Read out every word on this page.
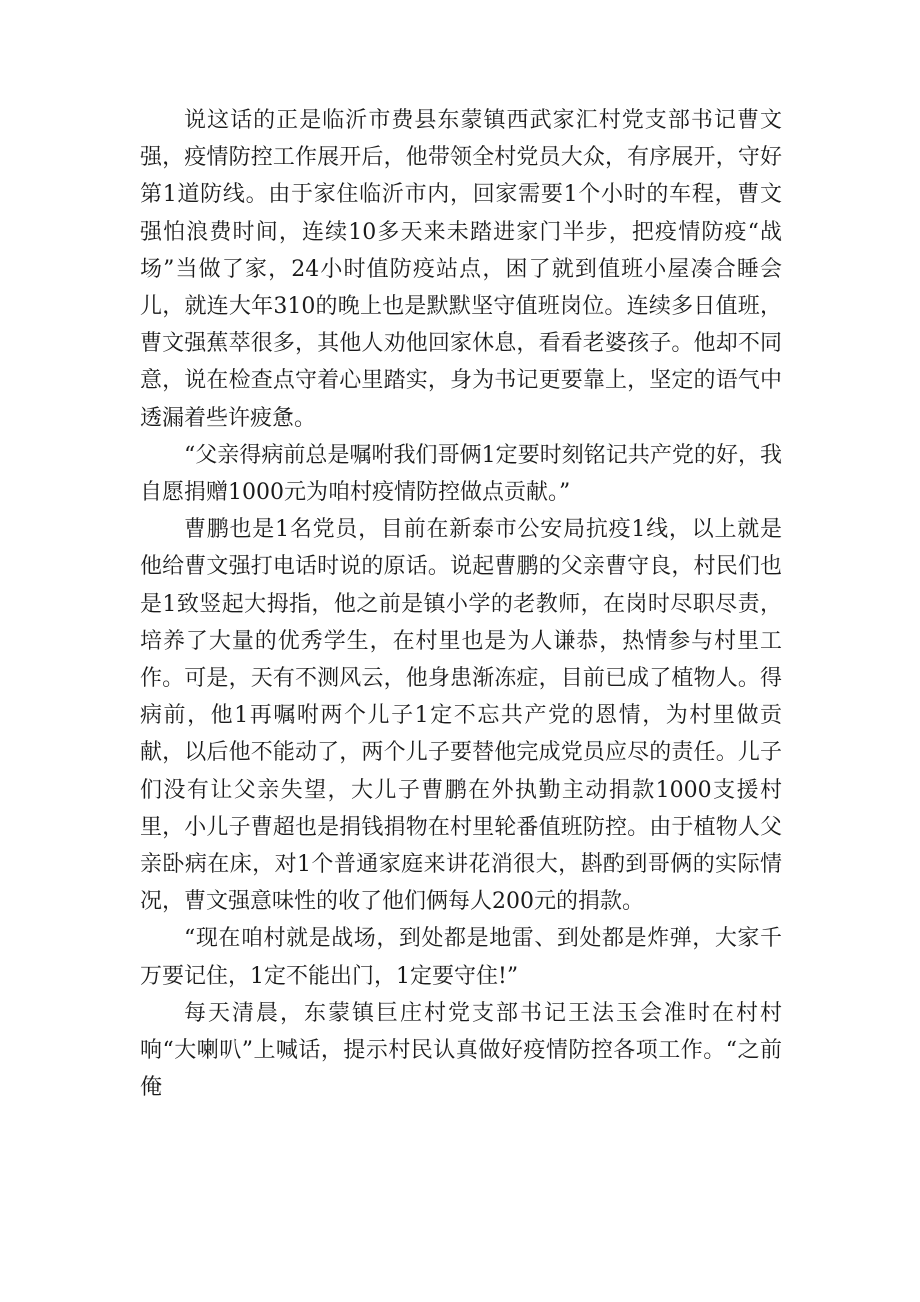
说这话的正是临沂市费县东蒙镇西武家汇村党支部书记曹文强，疫情防控工作展开后，他带领全村党员大众，有序展开，守好第1道防线。由于家住临沂市内，回家需要1个小时的车程，曹文强怕浪费时间，连续10多天来未踏进家门半步，把疫情防疫“战场”当做了家，24小时值防疫站点，困了就到值班小屋凑合睡会儿，就连大年310的晚上也是默默坚守值班岗位。连续多日值班，曹文强蕉萃很多，其他人劝他回家休息，看看老婆孩子。他却不同意，说在检查点守着心里踏实，身为书记更要靠上，坚定的语气中透漏着些许疲惫。

“父亲得病前总是嘱咐我们哥俩1定要时刻铭记共产党的好，我自愿捐赠1000元为咱村疫情防控做点贡献。”

曹鹏也是1名党员，目前在新泰市公安局抗疫1线，以上就是他给曹文强打电话时说的原话。说起曹鹏的父亲曹守良，村民们也是1致竖起大拇指，他之前是镇小学的老教师，在岗时尽职尽责，培养了大量的优秀学生，在村里也是为人谦恭，热情参与村里工作。可是，天有不测风云，他身患渐冻症，目前已成了植物人。得病前，他1再嘱咐两个儿子1定不忘共产党的恩情，为村里做贡献，以后他不能动了，两个儿子要替他完成党员应尽的责任。儿子们没有让父亲失望，大儿子曹鹏在外执勤主动捐款1000支援村里，小儿子曹超也是捐钱捐物在村里轮番值班防控。由于植物人父亲卧病在床，对1个普通家庭来讲花消很大，斟酌到哥俩的实际情况，曹文强意味性的收了他们俩每人200元的捐款。

“现在咱村就是战场，到处都是地雷、到处都是炸弹，大家千万要记住，1定不能出门，1定要守住!”

每天清晨，东蒙镇巨庄村党支部书记王法玉会准时在村村响“大喇叭”上喊话，提示村民认真做好疫情防控各项工作。“之前俺
